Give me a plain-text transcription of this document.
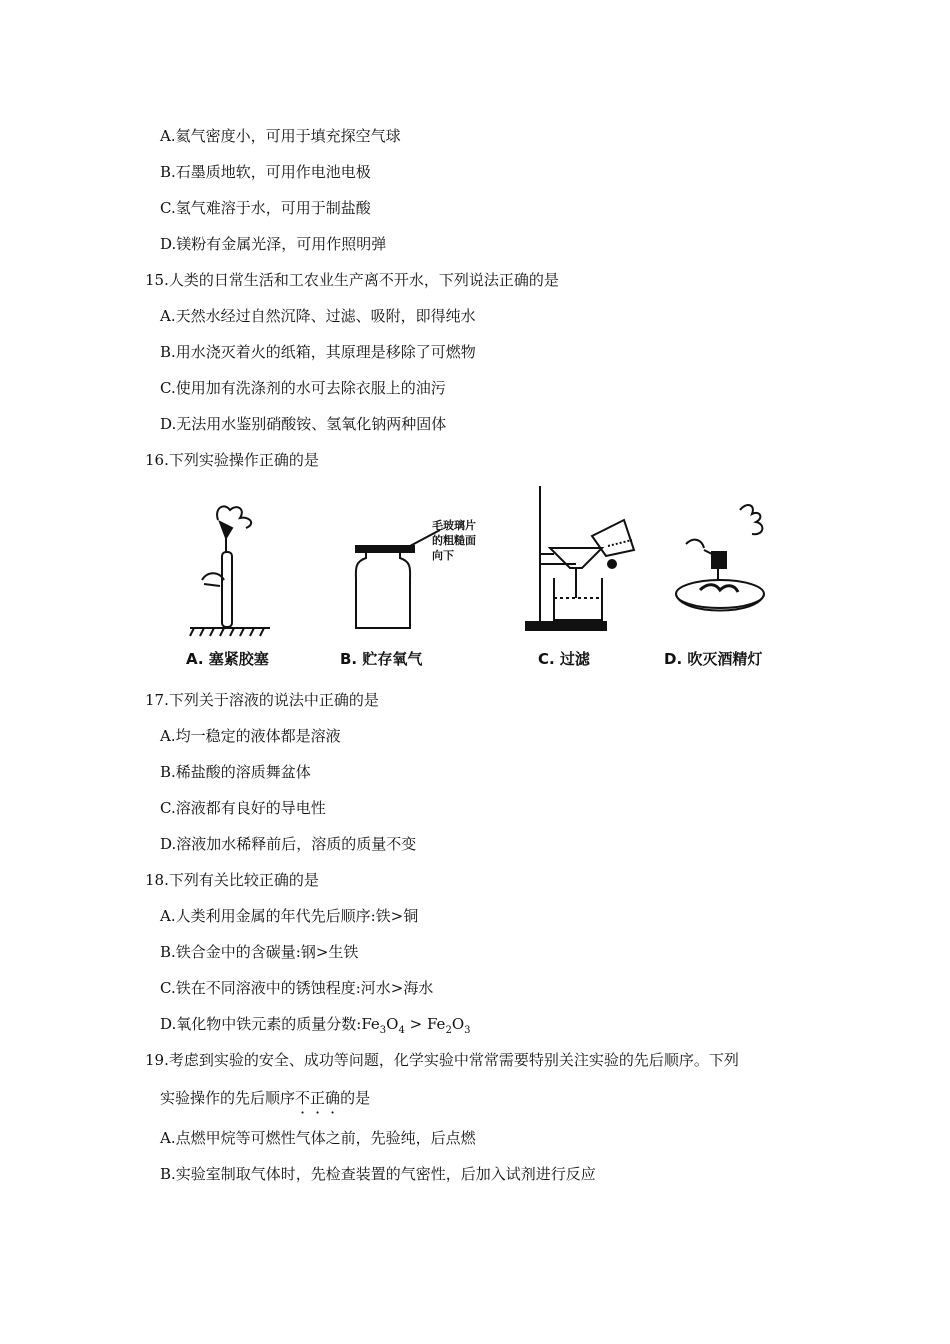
A.氦气密度小，可用于填充探空气球
B.石墨质地软，可用作电池电极
C.氢气难溶于水，可用于制盐酸
D.镁粉有金属光泽，可用作照明弹
15.人类的日常生活和工农业生产离不开水，下列说法正确的是
A.天然水经过自然沉降、过滤、吸附，即得纯水
B.用水浇灭着火的纸箱，其原理是移除了可燃物
C.使用加有洗涤剂的水可去除衣服上的油污
D.无法用水鉴别硝酸铵、氢氧化钠两种固体
16.下列实验操作正确的是
A. 塞紧胶塞
毛玻璃片
的粗糙面
向下
B. 贮存氧气	C. 过滤	D. 吹灭酒精灯
17.下列关于溶液的说法中正确的是
A.均一稳定的液体都是溶液
B.稀盐酸的溶质舞盆体
C.溶液都有良好的导电性
D.溶液加水稀释前后，溶质的质量不变
18.下列有关比较正确的是
A.人类利用金属的年代先后顺序:铁>铜
B.铁合金中的含碳量:钢>生铁
C.铁在不同溶液中的锈蚀程度:河水>海水
D.氧化物中铁元素的质量分数$:Fe_3O_4 > Fe_2O_3$
19.考虑到实验的安全、成功等问题，化学实验中常常需要特别关注实验的先后顺序。下列
实验操作的先后顺序不正确的是
A.点燃甲烷等可燃性气体之前，先验纯，后点燃
B.实验室制取气体时，先检查装置的气密性，后加入试剂进行反应
